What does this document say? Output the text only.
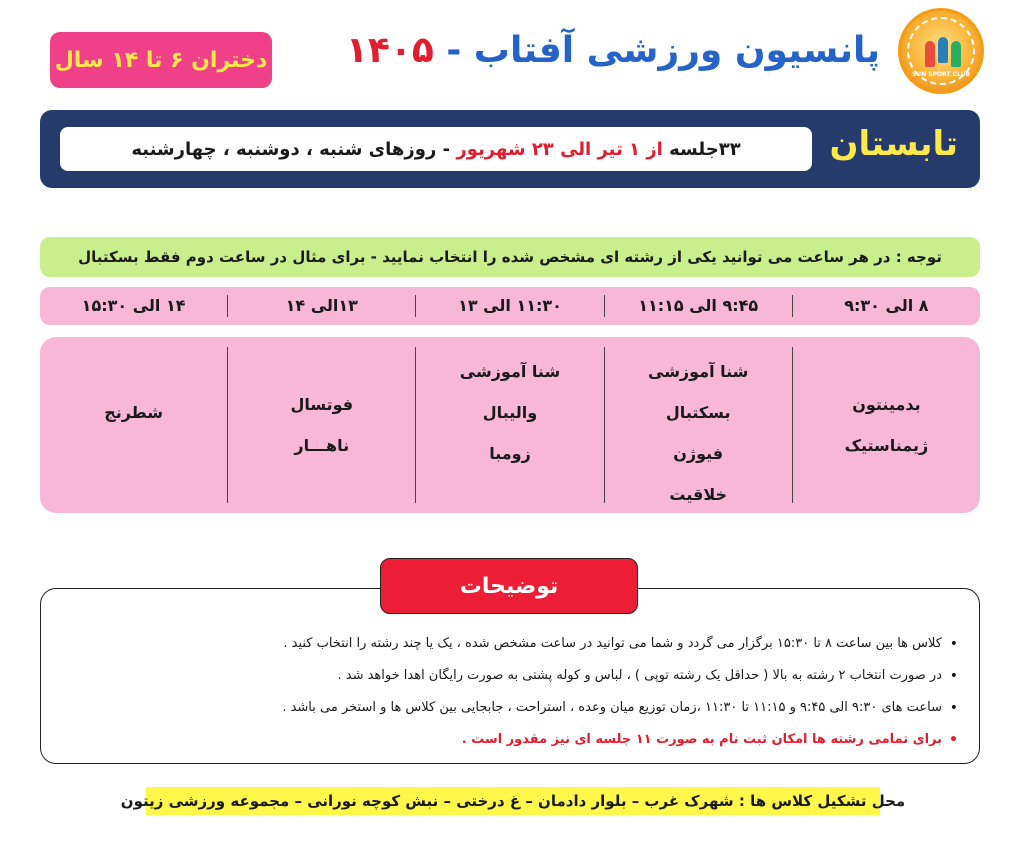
SUN SPORT CLUB
پانسیون ورزشی آفتاب - ۱۴۰۵
دختران ۶ تا ۱۴ سال
تابستان
۳۳جلسه

از ۱ تیر الی ۲۳ شهریور

- روزهای شنبه ، دوشنبه ، چهارشنبه
توجه : در هر ساعت می توانید یکی از رشته ای مشخص شده را انتخاب نمایید - برای مثال در ساعت دوم فقط بسکتبال
۸ الی ۹:۳۰
۹:۴۵ الی ۱۱:۱۵
۱۱:۳۰ الی ۱۳
۱۳الی ۱۴
۱۴ الی ۱۵:۳۰
بدمینتون
ژیمناستیک
شنا آموزشی
بسکتبال
فیوژن
خلاقیت
شنا آموزشی
والیبال
زومبا
فوتسال
ناهـــار
شطرنج
توضیحات
• کلاس ها بین ساعت ۸ تا ۱۵:۳۰ برگزار می گردد و شما می توانید در ساعت مشخص شده ، یک یا چند رشته را انتخاب کنید .
• در صورت انتخاب ۲ رشته به بالا ( حداقل یک رشته توپی ) ، لباس و کوله پشتی به صورت رایگان اهدا خواهد شد .
• ساعت های ۹:۳۰ الی ۹:۴۵ و ۱۱:۱۵ تا ۱۱:۳۰ ،زمان توزیع میان وعده ، استراحت ، جابجایی بین کلاس ها و استخر می باشد .
• برای تمامی رشته ها امکان ثبت نام به صورت ۱۱ جلسه ای نیز مقدور است .
محل تشکیل کلاس ها : شهرک غرب – بلوار دادمان – غ درختی – نبش کوچه نورانی – مجموعه ورزشی زیتون
